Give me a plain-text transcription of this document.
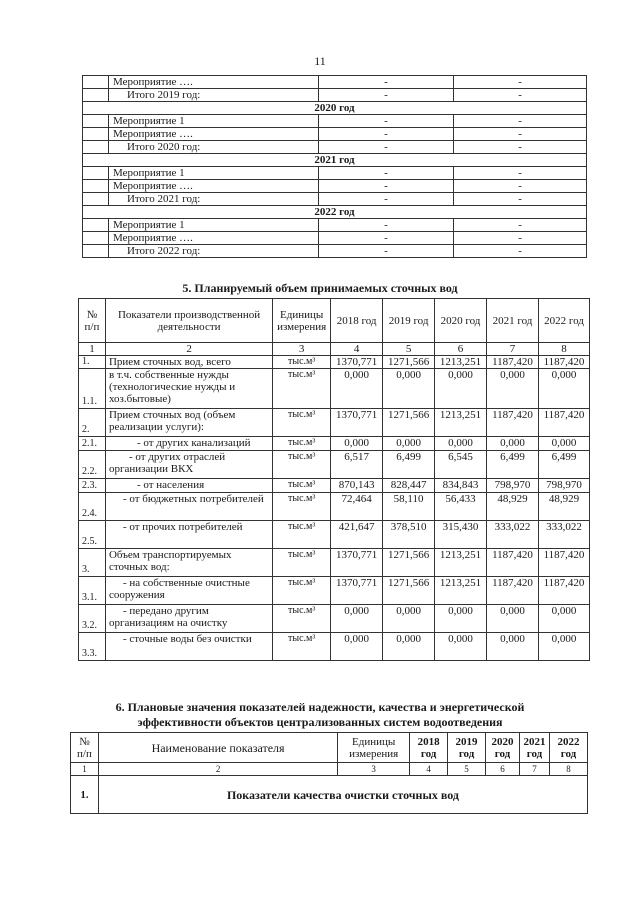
11
	Мероприятие ….	-	-
	Итого 2019 год:	-	-
2020 год			
	Мероприятие 1	-	-
	Мероприятие ….	-	-
	Итого 2020 год:	-	-
2021 год			
	Мероприятие 1	-	-
	Мероприятие ….	-	-
	Итого 2021 год:	-	-
2022 год			
	Мероприятие 1	-	-
	Мероприятие ….	-	-
	Итого 2022 год:	-	-
5. Планируемый объем принимаемых сточных вод
№ п/п	Показатели производственной деятельности	Единицы измерения	2018 год	2019 год	2020 год	2021 год	2022 год
1	2	3	4	5	6	7	8
1.	Прием сточных вод, всего	тыс.м³	1370,771	1271,566	1213,251	1187,420	1187,420
1.1.	в т.ч. собственные нужды (технологические нужды и хоз.бытовые)	тыс.м³	0,000	0,000	0,000	0,000	0,000
2.	Прием сточных вод (объем реализации услуги):	тыс.м³	1370,771	1271,566	1213,251	1187,420	1187,420
2.1.	- от других канализаций	тыс.м³	0,000	0,000	0,000	0,000	0,000
2.2.	- от других отраслей организации ВКХ	тыс.м³	6,517	6,499	6,545	6,499	6,499
2.3.	- от населения	тыс.м³	870,143	828,447	834,843	798,970	798,970
2.4.	- от бюджетных потребителей	тыс.м³	72,464	58,110	56,433	48,929	48,929
2.5.	- от прочих потребителей	тыс.м³	421,647	378,510	315,430	333,022	333,022
3.	Объем транспортируемых сточных вод:	тыс.м³	1370,771	1271,566	1213,251	1187,420	1187,420
3.1.	- на собственные очистные сооружения	тыс.м³	1370,771	1271,566	1213,251	1187,420	1187,420
3.2.	- передано другим организациям на очистку	тыс.м³	0,000	0,000	0,000	0,000	0,000
3.3.	- сточные воды без очистки	тыс.м³	0,000	0,000	0,000	0,000	0,000
6. Плановые значения показателей надежности, качества и энергетической
эффективности объектов централизованных систем водоотведения
№ п/п	Наименование показателя	Единицы измерения	2018 год	2019 год	2020 год	2021 год	2022 год
1	2	3	4	5	6	7	8
1.	Показатели качества очистки сточных вод						
